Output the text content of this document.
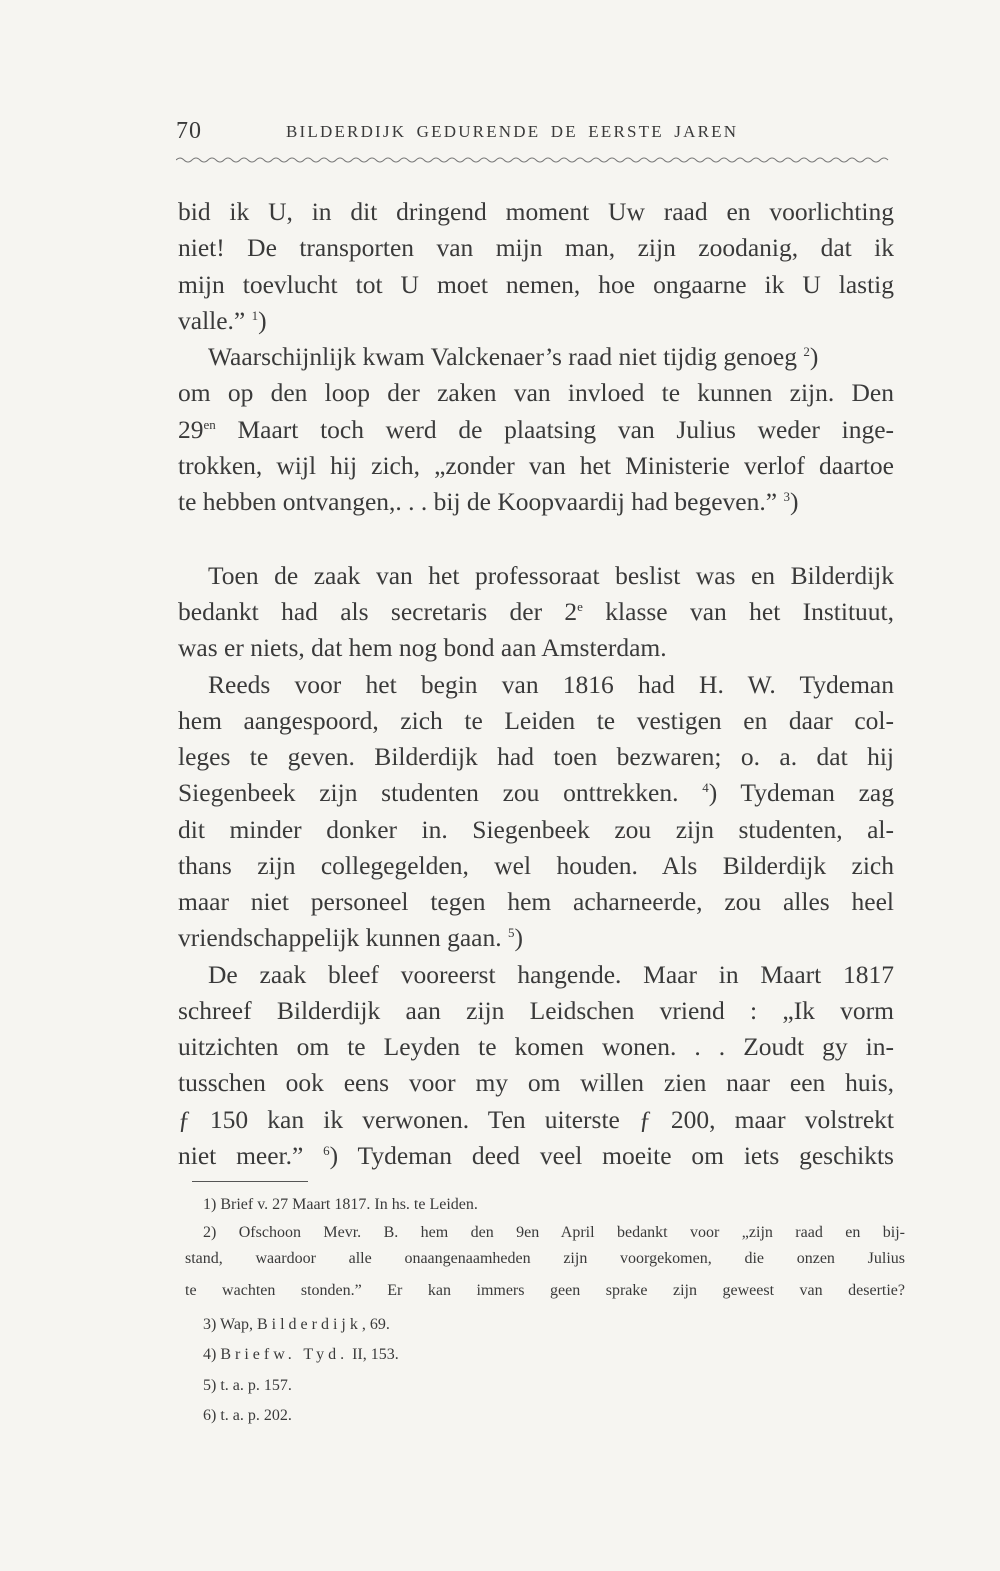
70	BILDERDIJK GEDURENDE DE EERSTE JAREN
bid ik U, in dit dringend moment Uw raad en voorlichting
niet! De transporten van mijn man, zijn zoodanig, dat ik
mijn toevlucht tot U moet nemen, hoe ongaarne ik U lastig
valle.” $^1$)
Waarschijnlijk kwam Valckenaer’s raad niet tijdig genoeg $^2$)
om op den loop der zaken van invloed te kunnen zijn. Den
$29^{en}$ Maart toch werd de plaatsing van Julius weder inge-
trokken, wijl hij zich, „zonder van het Ministerie verlof daartoe
te hebben ontvangen,. . . bij de Koopvaardij had begeven.” $^3$)
Toen de zaak van het professoraat beslist was en Bilderdijk
bedankt had als secretaris der 2e klasse van het Instituut,
was er niets, dat hem nog bond aan Amsterdam.
Reeds voor het begin van 1816 had H. W. Tydeman
hem aangespoord, zich te Leiden te vestigen en daar col-
leges te geven. Bilderdijk had toen bezwaren; o. a. dat hij
Siegenbeek zijn studenten zou onttrekken. $^4$) Tydeman zag
dit minder donker in. Siegenbeek zou zijn studenten, al-
thans zijn collegegelden, wel houden. Als Bilderdijk zich
maar niet personeel tegen hem acharneerde, zou alles heel
vriendschappelijk kunnen gaan. $^5$)
De zaak bleef vooreerst hangende. Maar in Maart 1817
schreef Bilderdijk aan zijn Leidschen vriend : „Ik vorm
uitzichten om te Leyden te komen wonen. . . Zoudt gy in-
tusschen ook eens voor my om willen zien naar een huis,
ƒ 150 kan ik verwonen. Ten uiterste ƒ 200, maar volstrekt
niet meer.” $^6$) Tydeman deed veel moeite om iets geschikts
1) Brief v. 27 Maart 1817. In hs. te Leiden.
2) Ofschoon Mevr. B. hem den 9en April bedankt voor „zijn raad en bij-
stand, waardoor alle onaangenaamheden zijn voorgekomen, die onzen Julius
te wachten stonden.” Er kan immers geen sprake zijn geweest van desertie?
3) Wap, Bilderdijk, 69.
4) Briefw. Tyd. II, 153.
5) t. a. p. 157.
6) t. a. p. 202.
